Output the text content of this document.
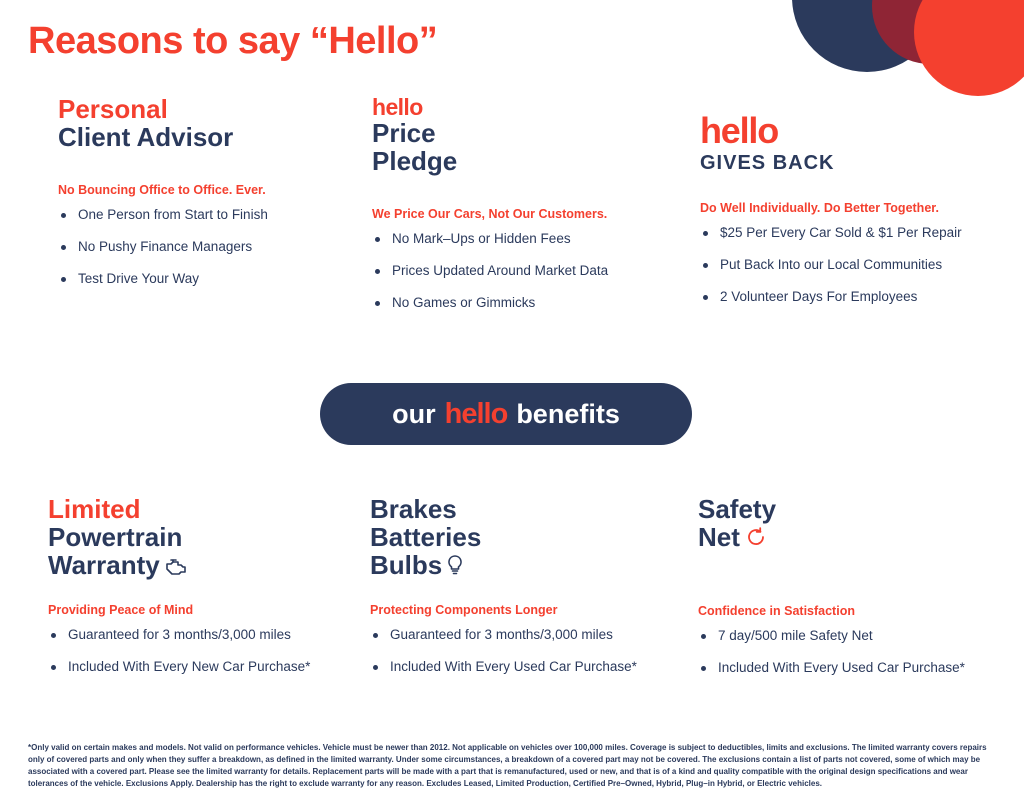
Reasons to say “Hello”
Personal
Client Advisor
No Bouncing Office to Office. Ever.
One Person from Start to Finish
No Pushy Finance Managers
Test Drive Your Way
hello
Price
Pledge
We Price Our Cars, Not Our Customers.
No Mark–Ups or Hidden Fees
Prices Updated Around Market Data
No Games or Gimmicks
hello
GIVES BACK
Do Well Individually. Do Better Together.
$25 Per Every Car Sold & $1 Per Repair
Put Back Into our Local Communities
2 Volunteer Days For Employees
our hello benefits
Limited
Powertrain
Warranty
Providing Peace of Mind
Guaranteed for 3 months/3,000 miles
Included With Every New Car Purchase*
Brakes
Batteries
Bulbs
Protecting Components Longer
Guaranteed for 3 months/3,000 miles
Included With Every Used Car Purchase*
Safety
Net
Confidence in Satisfaction
7 day/500 mile Safety Net
Included With Every Used Car Purchase*
*Only valid on certain makes and models. Not valid on performance vehicles. Vehicle must be newer than 2012. Not applicable on vehicles over 100,000 miles. Coverage is subject to deductibles, limits and exclusions. The limited warranty covers repairs only of covered parts and only when they suffer a breakdown, as defined in the limited warranty. Under some circumstances, a breakdown of a covered part may not be covered. The exclusions contain a list of parts not covered, some of which may be associated with a covered part. Please see the limited warranty for details. Replacement parts will be made with a part that is remanufactured, used or new, and that is of a kind and quality compatible with the original design specifications and wear tolerances of the vehicle. Exclusions Apply. Dealership has the right to exclude warranty for any reason. Excludes Leased, Limited Production, Certified Pre–Owned, Hybrid, Plug–in Hybrid, or Electric vehicles.
